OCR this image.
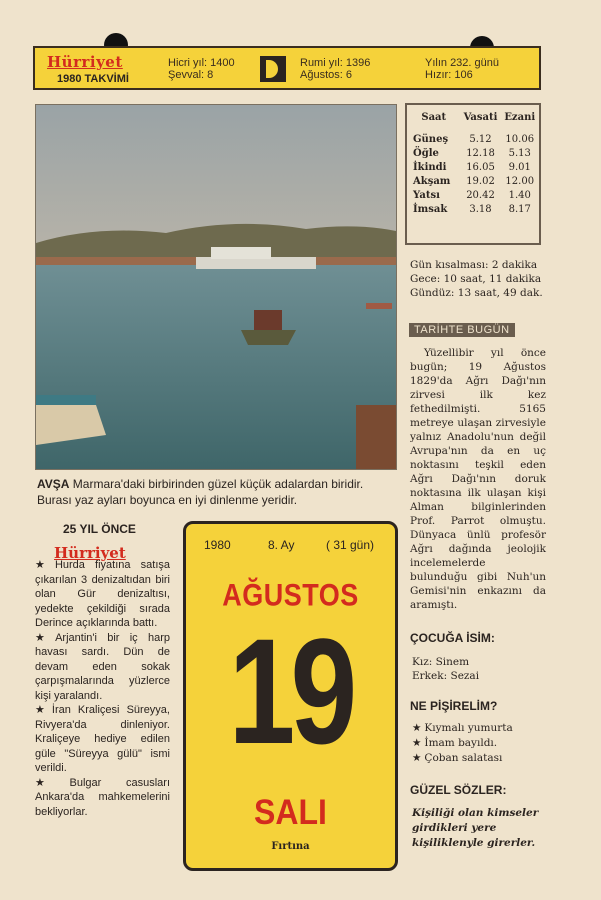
Hürriyet
1980 TAKVİMİ
Hicri yıl: 1400
Şevval: 8
Rumi yıl: 1396
Ağustos: 6
Yılın 232. günü
Hızır: 106
Saat	Vasati	Ezani
Güneş	5.12	10.06
Öğle	12.18	5.13
İkindi	16.05	9.01
Akşam	19.02	12.00
Yatsı	20.42	1.40
İmsak	3.18	8.17
Gün kısalması: 2 dakika
Gece: 10 saat, 11 dakika
Gündüz: 13 saat, 49 dak.
TARİHTE BUGÜN
Yüzellibir yıl önce bugün; 19 Ağustos 1829'da Ağrı Dağı'nın zirvesi ilk kez fethedilmişti. 5165 metreye ulaşan zirvesiyle yalnız Anadolu'nun değil Avrupa'nın da en uç noktasını teşkil eden Ağrı Dağı'nın doruk noktasına ilk ulaşan kişi Alman bilginlerinden Prof. Parrot olmuştu. Dünyaca ünlü profesör Ağrı dağında jeolojik incelemelerde bulunduğu gibi Nuh'un Gemisi'nin enkazını da aramıştı.
ÇOCUĞA İSİM:
Kız: Sinem
Erkek: Sezai
NE PİŞİRELİM?
★ Kıymalı yumurta
★ İmam bayıldı.
★ Çoban salatası
GÜZEL SÖZLER:
Kişiliği olan kimseler girdikleri yere kişiliklenyle girerler.
AVŞA Marmara'daki birbirinden güzel küçük adalardan biridir. Burası yaz ayları boyunca en iyi dinlenme yeridir.
25 YIL ÖNCE
Hürriyet

★ Hurda fiyatına satışa çıkarılan 3 denizaltıdan biri olan Gür denizaltısı, yedekte çekildiği sırada Derince açıklarında battı.

★ Arjantin'i bir iç harp havası sardı. Dün de devam eden sokak çarpışmalarında yüzlerce kişi yaralandı.

★ İran Kraliçesi Süreyya, Rivyera'da dinleniyor. Kraliçeye hediye edilen güle "Süreyya gülü" ismi verildi.

★ Bulgar casusları Ankara'da mahkemelerini bekliyorlar.

1980	8. Ay	( 31 gün)
AĞUSTOS
19
SALI
Fırtına
